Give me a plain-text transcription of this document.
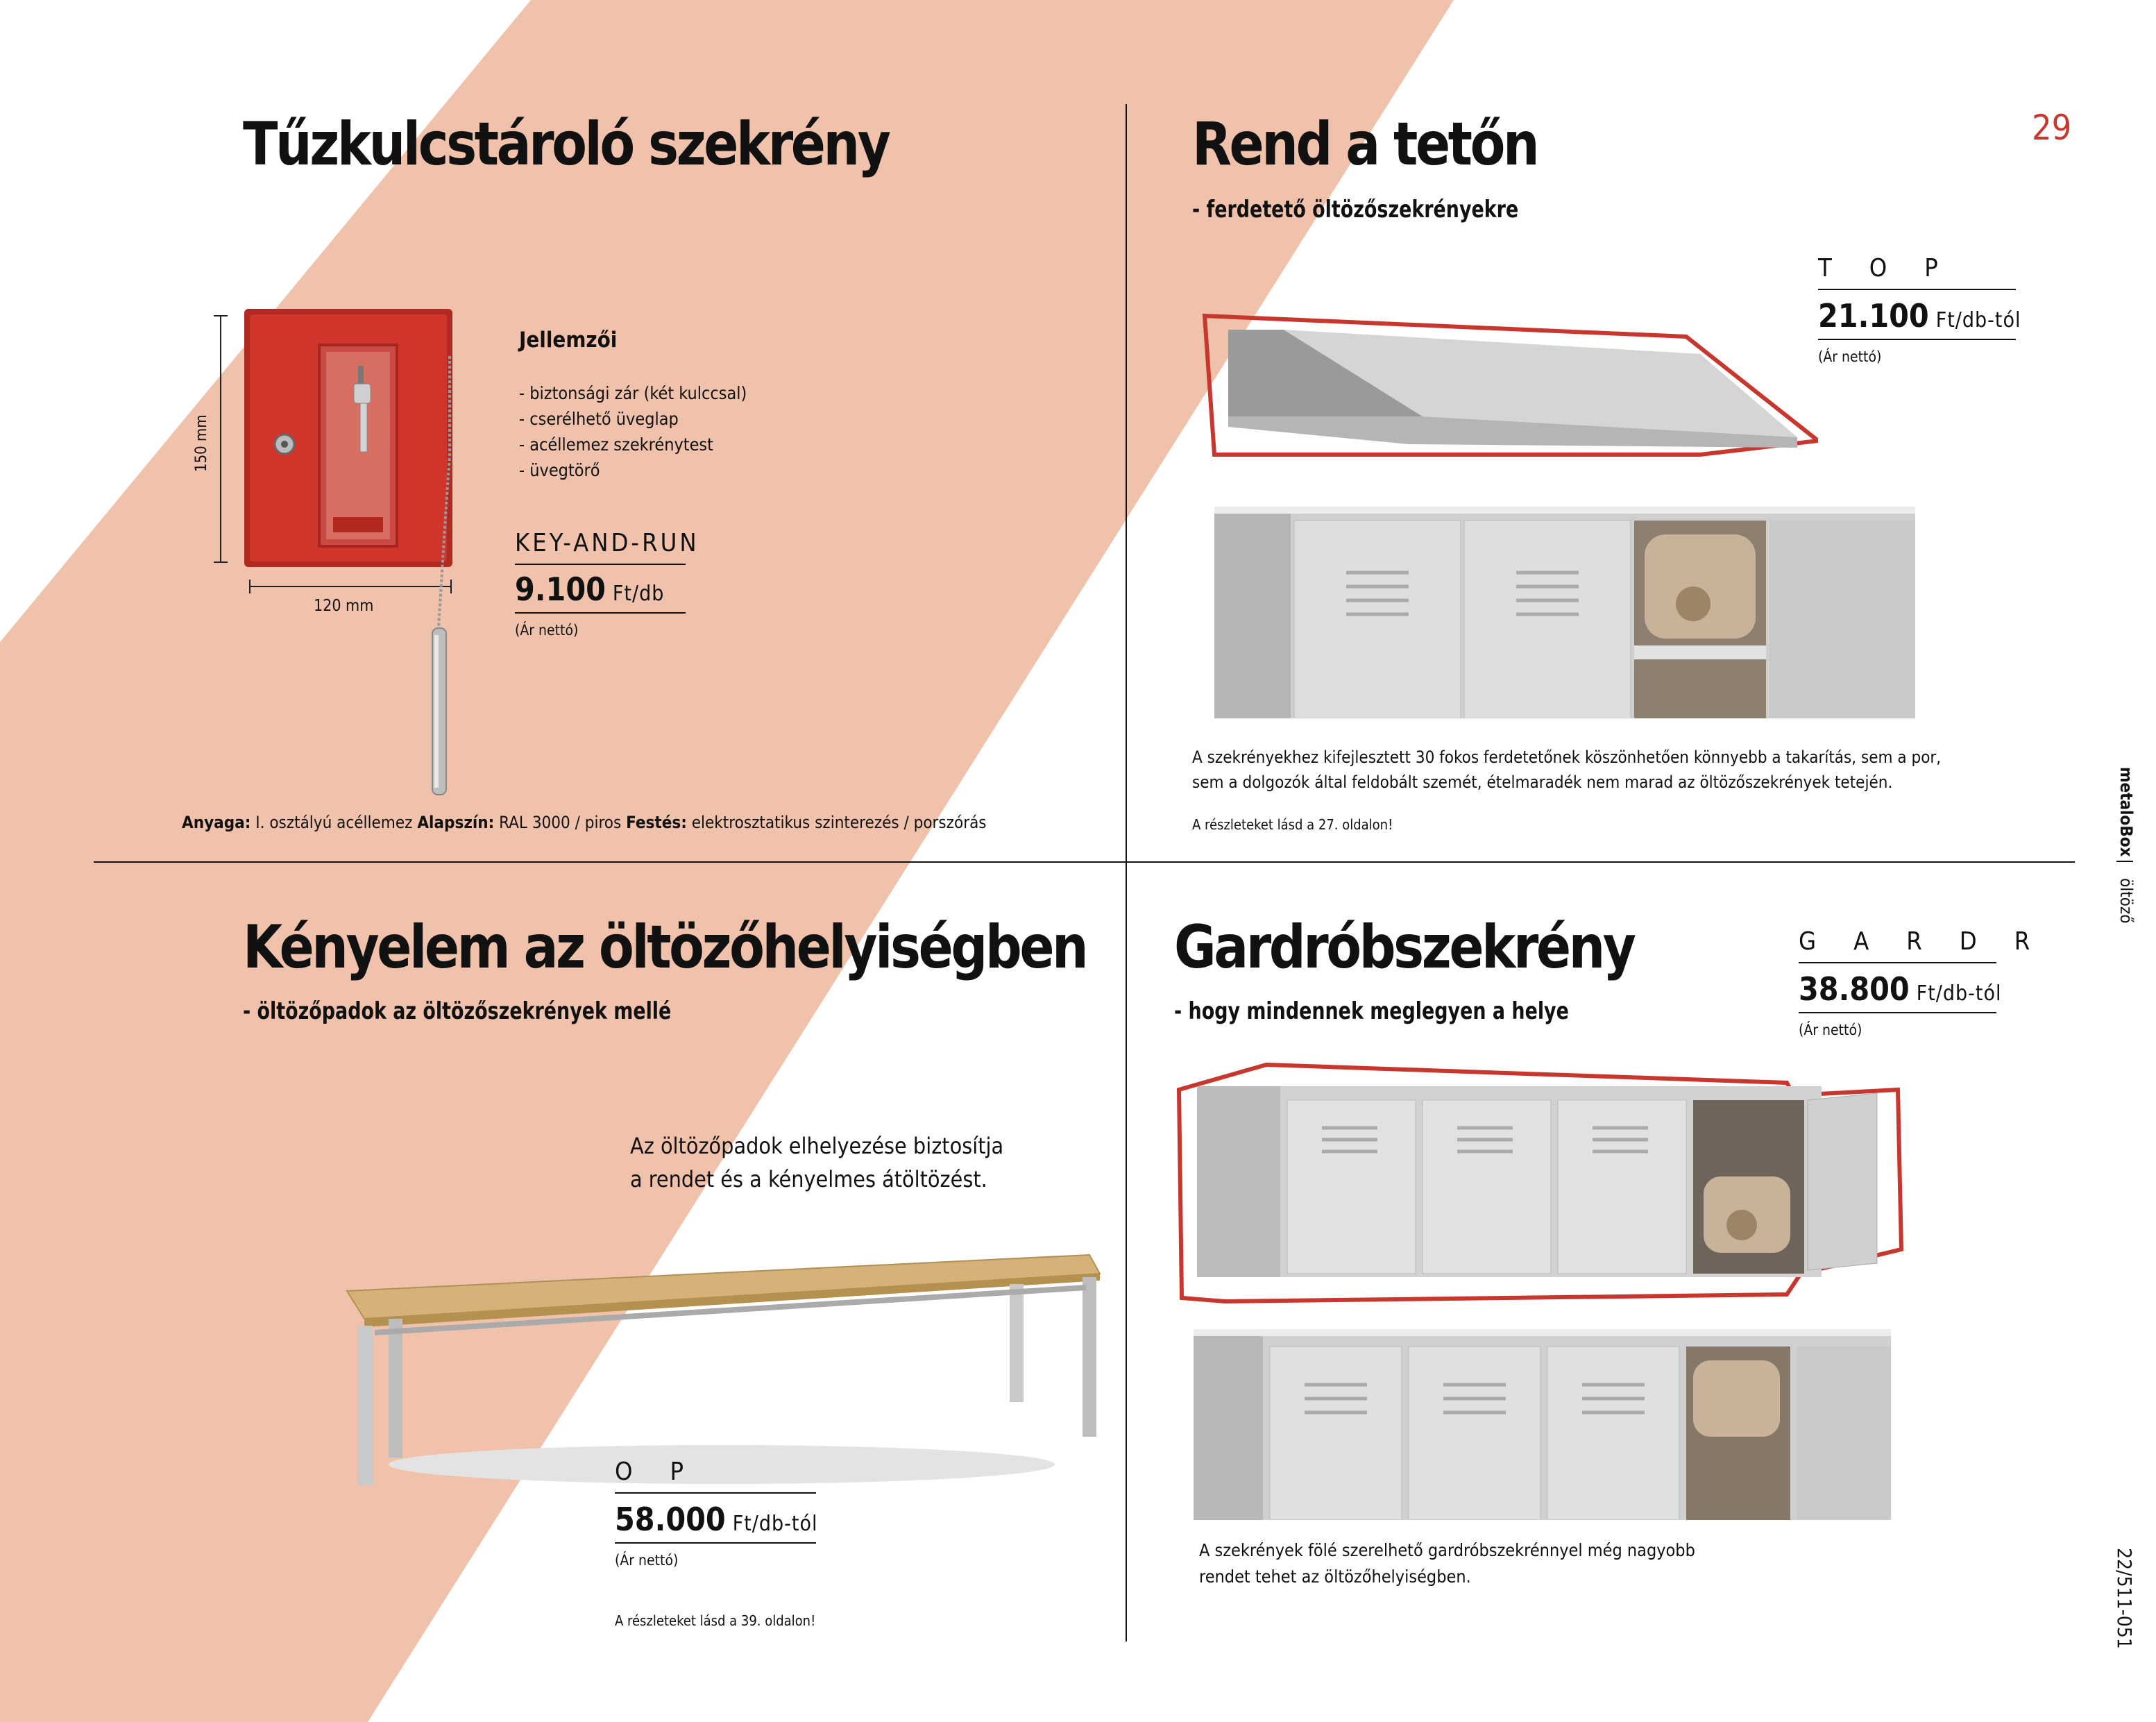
29
metaloBox
öltöző
22/511-051
Tűzkulcstároló szekrény
150 mm
120 mm
Jellemzői
- biztonsági zár (két kulccsal)
- cserélhető üveglap
- acéllemez szekrénytest
- üvegtörő
KEY-AND-RUN
9.100 Ft/db
(Ár nettó)
Anyaga: I. osztályú acéllemez Alapszín: RAL 3000 / piros Festés: elektrosztatikus szinterezés / porszórás
Rend a tetőn
- ferdetető öltözőszekrényekre
TOP
21.100 Ft/db-tól
(Ár nettó)
A szekrényekhez kifejlesztett 30 fokos ferdetetőnek köszönhetően könnyebb a takarítás, sem a por,
sem a dolgozók által feldobált szemét, ételmaradék nem marad az öltözőszekrények tetején.
A részleteket lásd a 27. oldalon!
Kényelem az öltözőhelyiségben
- öltözőpadok az öltözőszekrények mellé
Az öltözőpadok elhelyezése biztosítja
a rendet és a kényelmes átöltözést.
OP
58.000 Ft/db-tól
(Ár nettó)
A részleteket lásd a 39. oldalon!
Gardróbszekrény
- hogy mindennek meglegyen a helye
GARDR
38.800 Ft/db-tól
(Ár nettó)
A szekrények fölé szerelhető gardróbszekrénnyel még nagyobb
rendet tehet az öltözőhelyiségben.
